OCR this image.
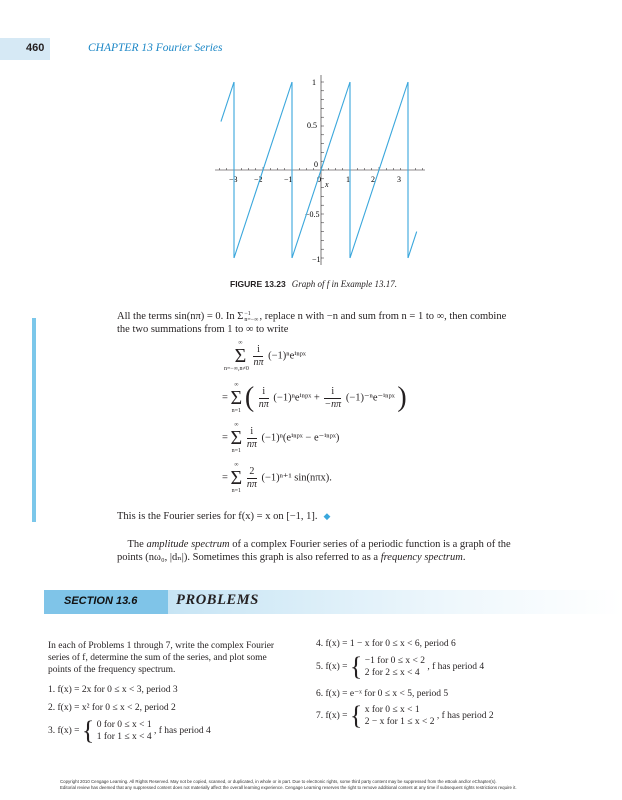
460	CHAPTER 13 Fourier Series
−3 −2	−1	0	1	2	3
x
1
0.5
0
−0.5
−1
FIGURE 13.23 Graph of f in Example 13.17.
All the terms sin(nπ) = 0. In Σ −1
n=−∞ , replace n with −n and sum from n = 1 to ∞, then combine
the two summations from 1 to ∞ to write
∞
Σ
n=−∞,n≠0

$\frac{i}{n\pi}$ (−1)ⁿeⁱⁿᵖˣ
=
∞
Σ
n=1 ( $\frac{i}{n\pi}$ (−1)ⁿeⁱⁿᵖˣ + $\frac{i}{-n\pi}$ (−1)⁻ⁿe⁻ⁱⁿᵖˣ )
=
∞
Σ
n=1

$\frac{i}{n\pi}$ (−1)ⁿ(eⁱⁿᵖˣ − e⁻ⁱⁿᵖˣ)
=
∞
Σ
n=1

$\frac{2}{n\pi} (-1)^{n+1}$ sin(nπx).
This is the Fourier series for f(x) = x on [−1, 1]. ◆
The amplitude spectrum of a complex Fourier series of a periodic function is a graph of the
points (nω₀, |dₙ|). Sometimes this graph is also referred to as a frequency spectrum.
SECTION 13.6	PROBLEMS
In each of Problems 1 through 7, write the complex Fourier
series of f, determine the sum of the series, and plot some
points of the frequency spectrum.
1. f(x) = 2x for 0 ≤ x < 3, period 3
2. f(x) = x² for 0 ≤ x < 2, period 2
3. f(x) = { 0 for 0 ≤ x < 1
1 for 1 ≤ x < 4
, f has period 4
4. f(x) = 1 − x for 0 ≤ x < 6, period 6
5. f(x) = { −1 for 0 ≤ x < 2
2 for 2 ≤ x < 4
, f has period 4
6. f(x) = e⁻ˣ for 0 ≤ x < 5, period 5
7. f(x) = { x for 0 ≤ x < 1
2 − x for 1 ≤ x < 2
, f has period 2
Copyright 2010 Cengage Learning. All Rights Reserved. May not be copied, scanned, or duplicated, in whole or in part. Due to electronic rights, some third party content may be suppressed from the eBook and/or eChapter(s).
Editorial review has deemed that any suppressed content does not materially affect the overall learning experience. Cengage Learning reserves the right to remove additional content at any time if subsequent rights restrictions require it.
